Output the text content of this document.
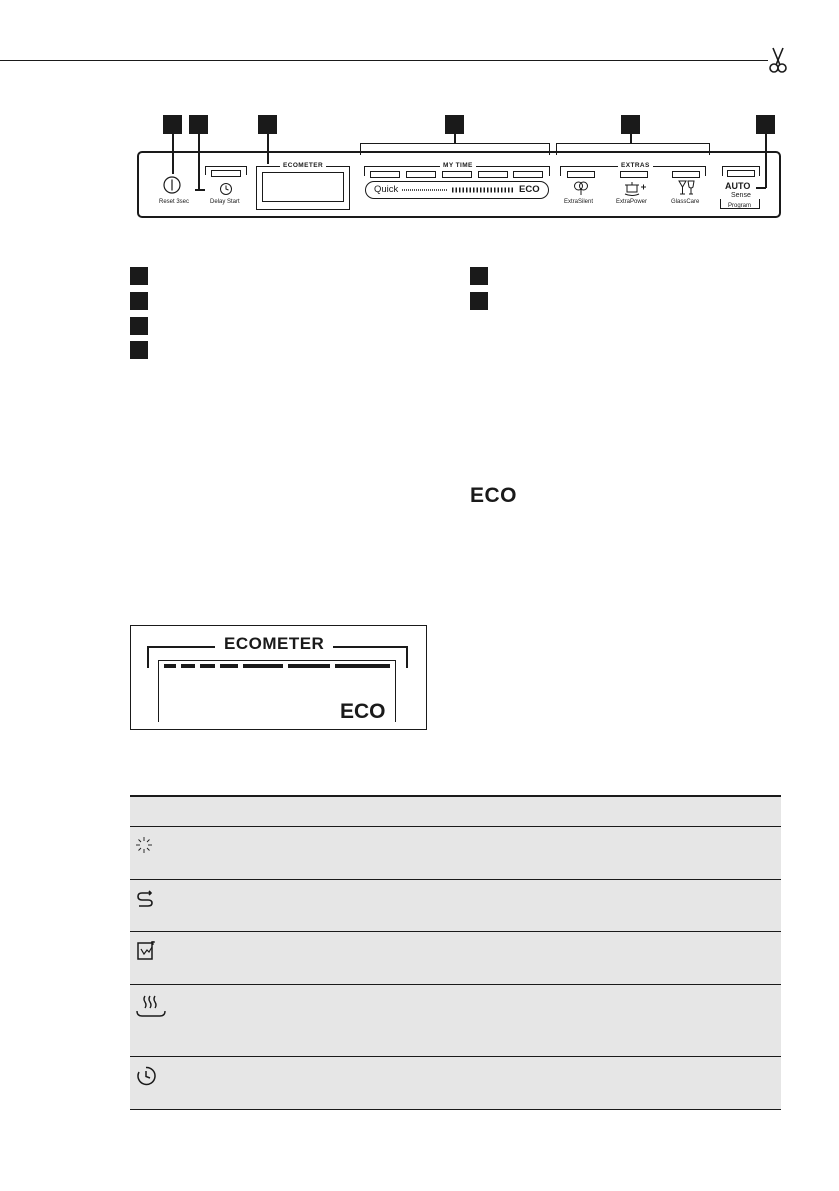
Reset 3sec	Delay Start
ECOMETER	MY TIME
Quick	ECO
EXTRAS
ExtraSilent	ExtraPower	GlassCare
AUTO
Sense
Program
ECO
ECOMETER
ECO
